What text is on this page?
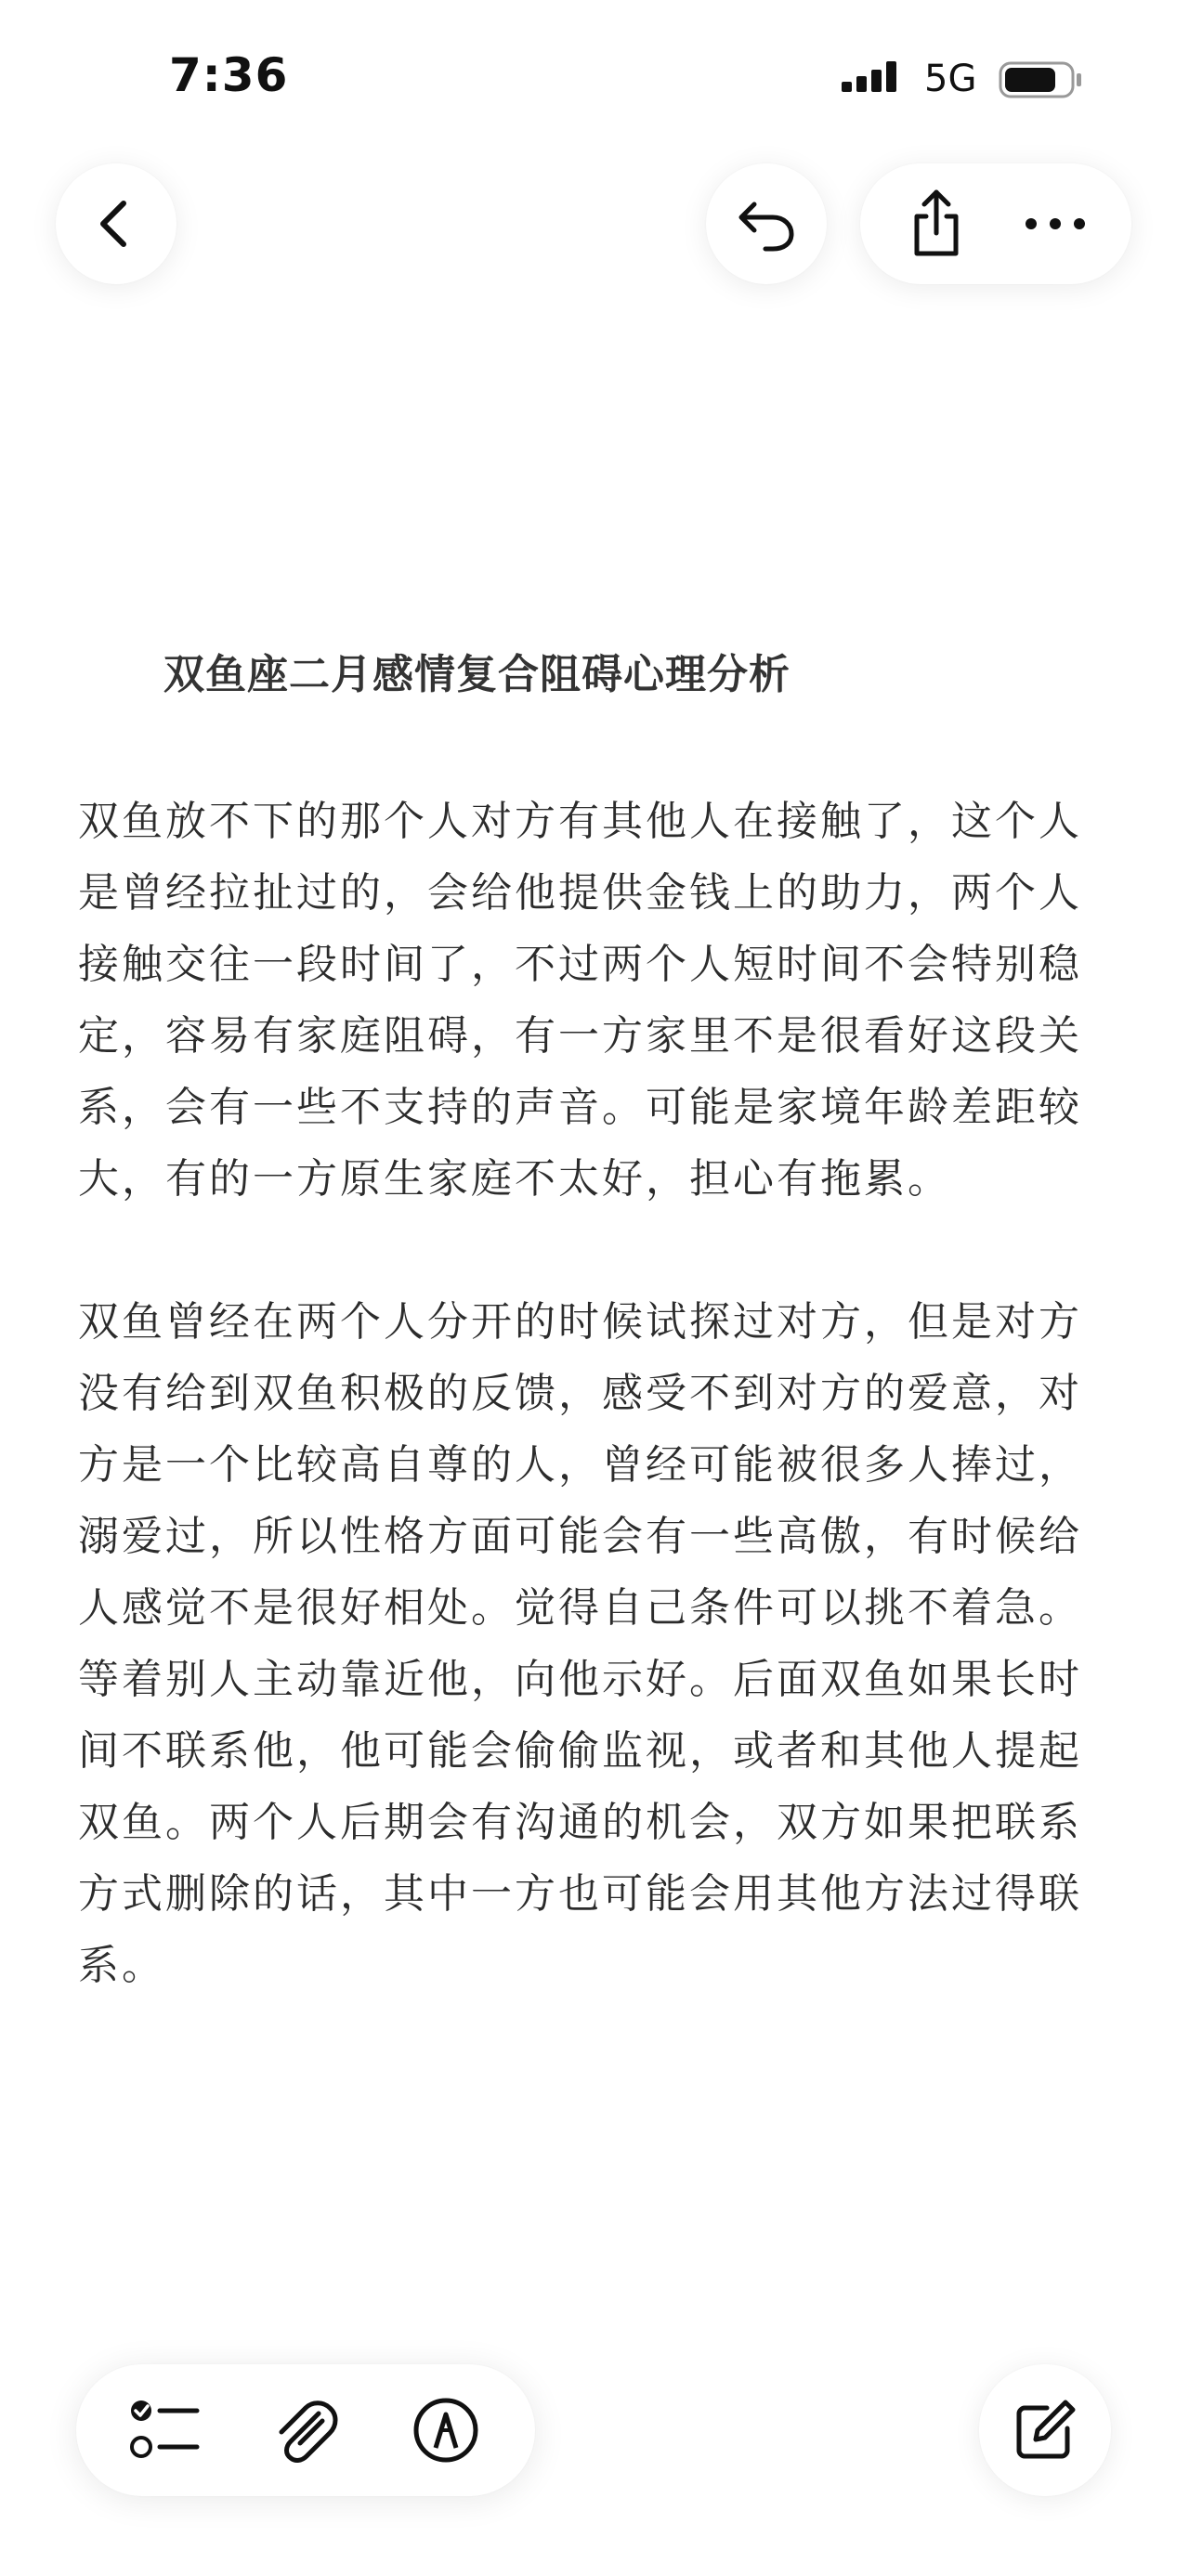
7:36	5G
双鱼座二月感情复合阻碍心理分析

双鱼放不下的那个人对方有其他人在接触了，这个人是曾经拉扯过的，会给他提供金钱上的助力，两个人接触交往一段时间了，不过两个人短时间不会特别稳定，容易有家庭阻碍，有一方家里不是很看好这段关系，会有一些不支持的声音。可能是家境年龄差距较大，有的一方原生家庭不太好，担心有拖累。

双鱼曾经在两个人分开的时候试探过对方，但是对方没有给到双鱼积极的反馈，感受不到对方的爱意，对方是一个比较高自尊的人，曾经可能被很多人捧过，溺爱过，所以性格方面可能会有一些高傲，有时候给人感觉不是很好相处。觉得自己条件可以挑不着急。等着别人主动靠近他，向他示好。后面双鱼如果长时间不联系他，他可能会偷偷监视，或者和其他人提起双鱼。两个人后期会有沟通的机会，双方如果把联系方式删除的话，其中一方也可能会用其他方法过得联系。
